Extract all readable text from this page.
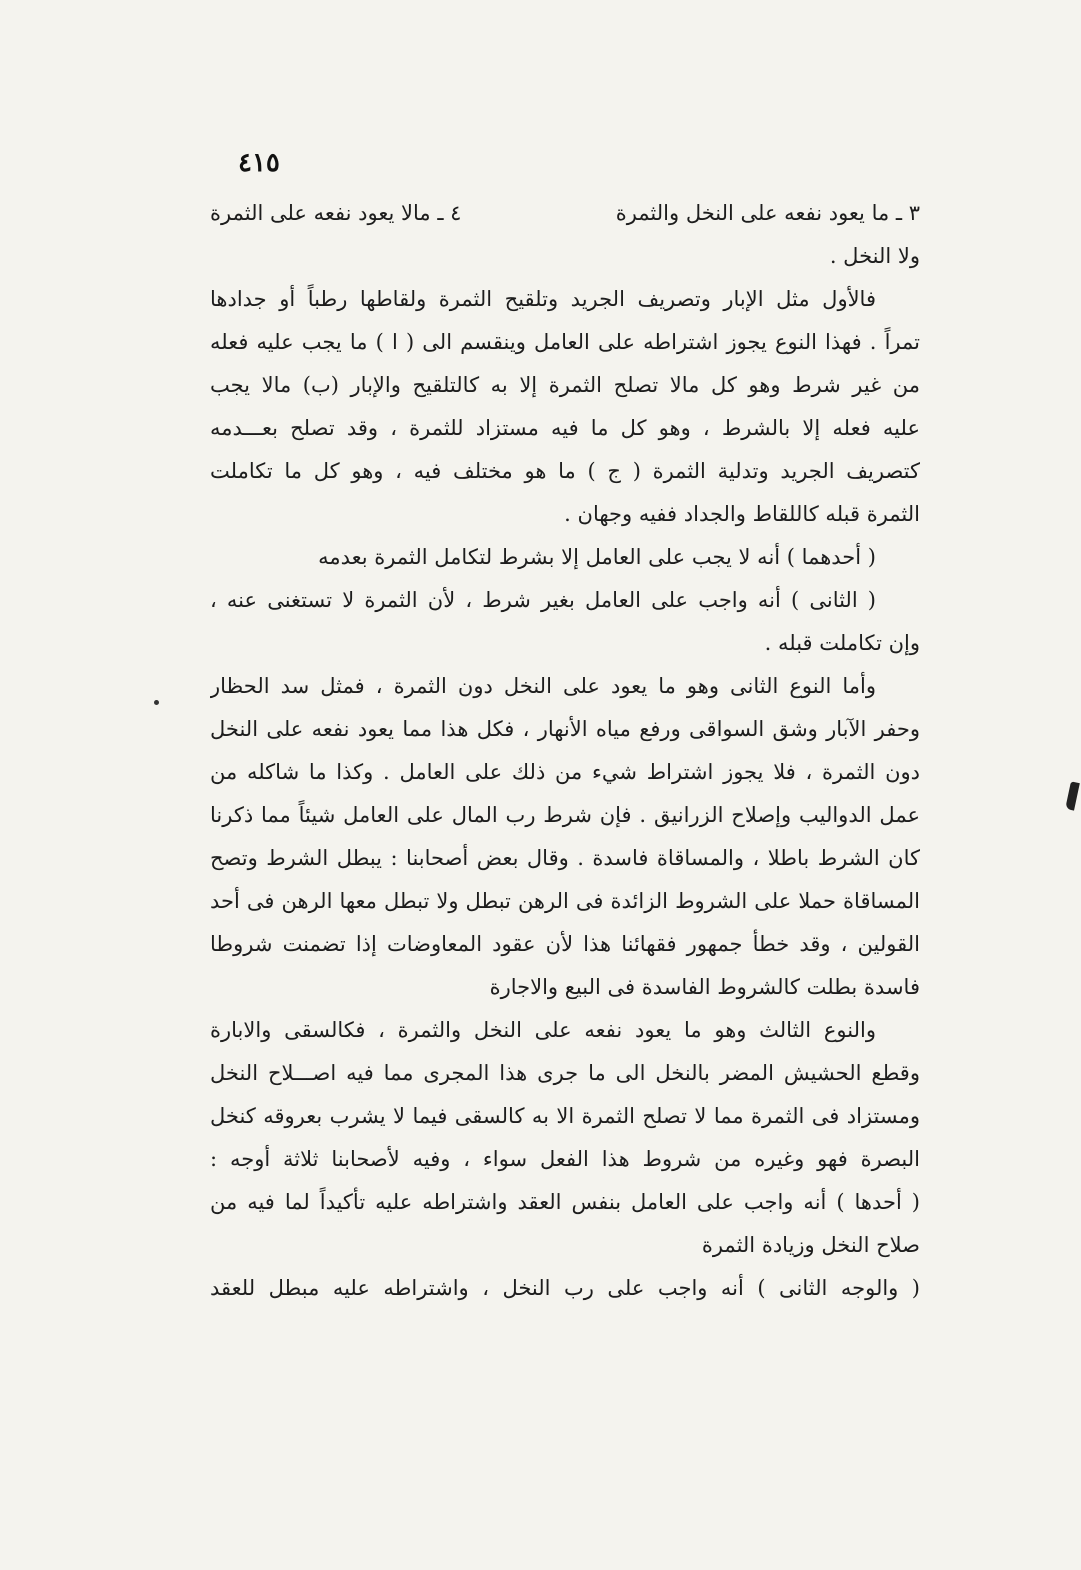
٤١٥
٣ ـ ما يعود نفعه على النخل والثمرة
٤ ـ مالا يعود نفعه على الثمرة
ولا النخل .
فالأول مثل الإبار وتصريف الجريد وتلقيح الثمرة ولقاطها رطباً أو جدادها
تمراً . فهذا النوع يجوز اشتراطه على العامل وينقسم الى ( ا ) ما يجب عليه فعله
من غير شرط وهو كل مالا تصلح الثمرة إلا به كالتلقيح والإبار (ب) مالا يجب
عليه فعله إلا بالشرط ، وهو كل ما فيه مستزاد للثمرة ، وقد تصلح بعـــدمه
كتصريف الجريد وتدلية الثمرة ( ج ) ما هو مختلف فيه ، وهو كل ما تكاملت
الثمرة قبله كاللقاط والجداد ففيه وجهان .
( أحدهما ) أنه لا يجب على العامل إلا بشرط لتكامل الثمرة بعدمه
( الثانى ) أنه واجب على العامل بغير شرط ، لأن الثمرة لا تستغنى عنه ،
وإن تكاملت قبله .
وأما النوع الثانى وهو ما يعود على النخل دون الثمرة ، فمثل سد الحظار
وحفر الآبار وشق السواقى ورفع مياه الأنهار ، فكل هذا مما يعود نفعه على النخل
دون الثمرة ، فلا يجوز اشتراط شيء من ذلك على العامل . وكذا ما شاكله من
عمل الدواليب وإصلاح الزرانيق . فإن شرط رب المال على العامل شيئاً مما ذكرنا
كان الشرط باطلا ، والمساقاة فاسدة . وقال بعض أصحابنا : يبطل الشرط وتصح
المساقاة حملا على الشروط الزائدة فى الرهن تبطل ولا تبطل معها الرهن فى أحد
القولين ، وقد خطأ جمهور فقهائنا هذا لأن عقود المعاوضات إذا تضمنت شروطا
فاسدة بطلت كالشروط الفاسدة فى البيع والاجارة
والنوع الثالث وهو ما يعود نفعه على النخل والثمرة ، فكالسقى والابارة
وقطع الحشيش المضر بالنخل الى ما جرى هذا المجرى مما فيه اصـــلاح النخل
ومستزاد فى الثمرة مما لا تصلح الثمرة الا به كالسقى فيما لا يشرب بعروقه كنخل
البصرة فهو وغيره من شروط هذا الفعل سواء ، وفيه لأصحابنا ثلاثة أوجه :
( أحدها ) أنه واجب على العامل بنفس العقد واشتراطه عليه تأكيداً لما فيه من
صلاح النخل وزيادة الثمرة
( والوجه الثانى ) أنه واجب على رب النخل ، واشتراطه عليه مبطل للعقد
